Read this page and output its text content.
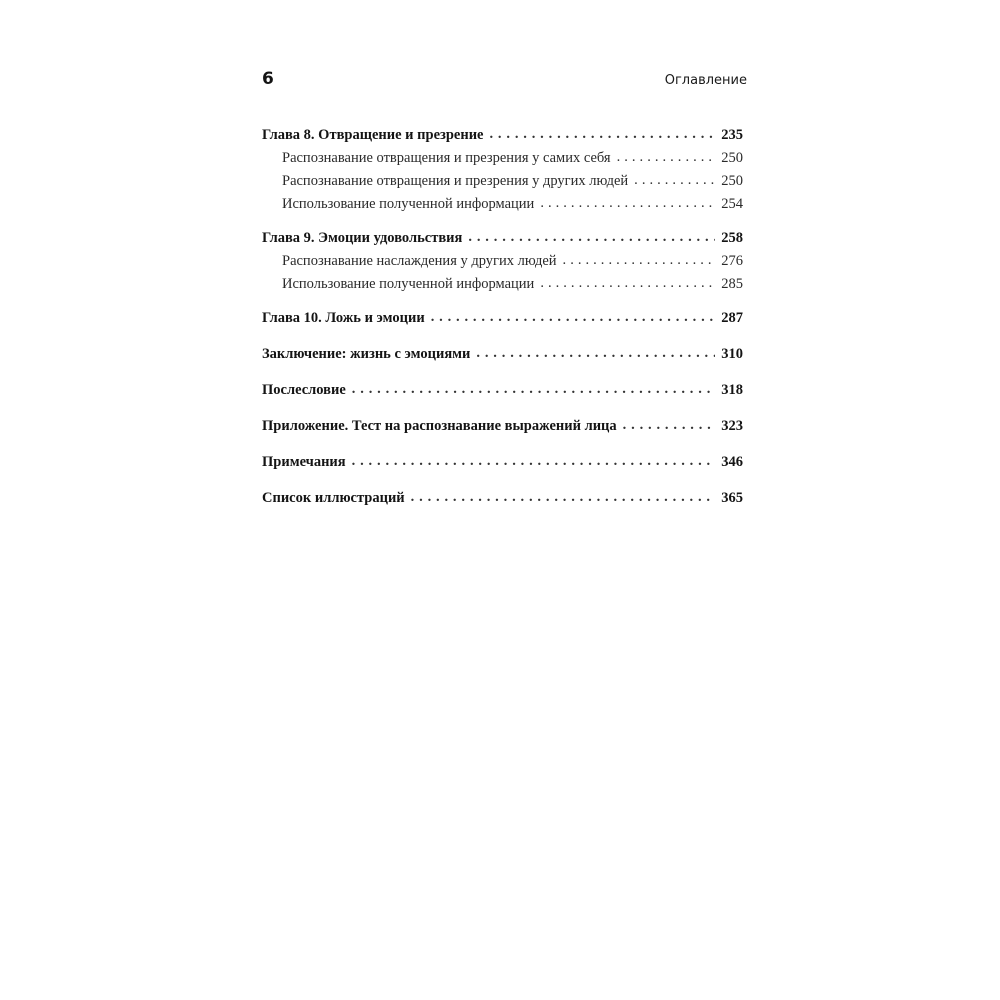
6	Оглавление
Глава 8. Отвращение и презрение . . .	235
Распознавание отвращения и презрения у самих себя . . .	250
Распознавание отвращения и презрения у других людей . . .	250
Использование полученной информации . . .	254
Глава 9. Эмоции удовольствия . . .	258
Распознавание наслаждения у других людей . . .	276
Использование полученной информации . . .	285
Глава 10. Ложь и эмоции . . .	287
Заключение: жизнь с эмоциями . . .	310
Послесловие . . .	318
Приложение. Тест на распознавание выражений лица . . .	323
Примечания . . .	346
Список иллюстраций . . .	365
